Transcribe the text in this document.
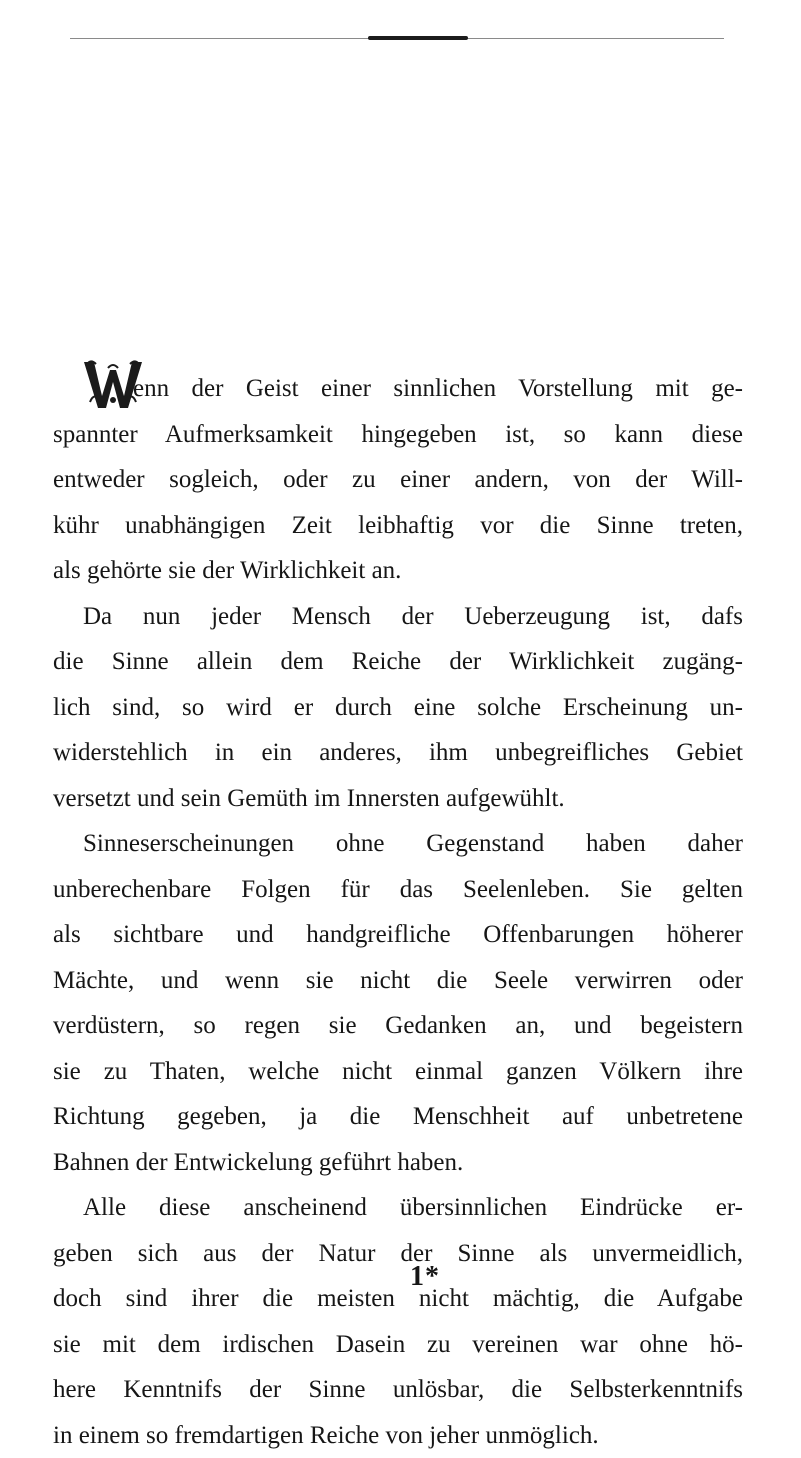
enn der Geist einer sinnlichen Vorstellung mit ge-
spannter Aufmerksamkeit hingegeben ist, so kann diese
entweder sogleich, oder zu einer andern, von der Will-
kühr unabhängigen Zeit leibhaftig vor die Sinne treten,
als gehörte sie der Wirklichkeit an.
Da nun jeder Mensch der Ueberzeugung ist, dafs
die Sinne allein dem Reiche der Wirklichkeit zugäng-
lich sind, so wird er durch eine solche Erscheinung un-
widerstehlich in ein anderes, ihm unbegreifliches Gebiet
versetzt und sein Gemüth im Innersten aufgewühlt.
Sinneserscheinungen ohne Gegenstand haben daher
unberechenbare Folgen für das Seelenleben. Sie gelten
als sichtbare und handgreifliche Offenbarungen höherer
Mächte, und wenn sie nicht die Seele verwirren oder
verdüstern, so regen sie Gedanken an, und begeistern
sie zu Thaten, welche nicht einmal ganzen Völkern ihre
Richtung gegeben, ja die Menschheit auf unbetretene
Bahnen der Entwickelung geführt haben.
Alle diese anscheinend übersinnlichen Eindrücke er-
geben sich aus der Natur der Sinne als unvermeidlich,
doch sind ihrer die meisten nicht mächtig, die Aufgabe
sie mit dem irdischen Dasein zu vereinen war ohne hö-
here Kenntnifs der Sinne unlösbar, die Selbsterkenntnifs
in einem so fremdartigen Reiche von jeher unmöglich.
1*
